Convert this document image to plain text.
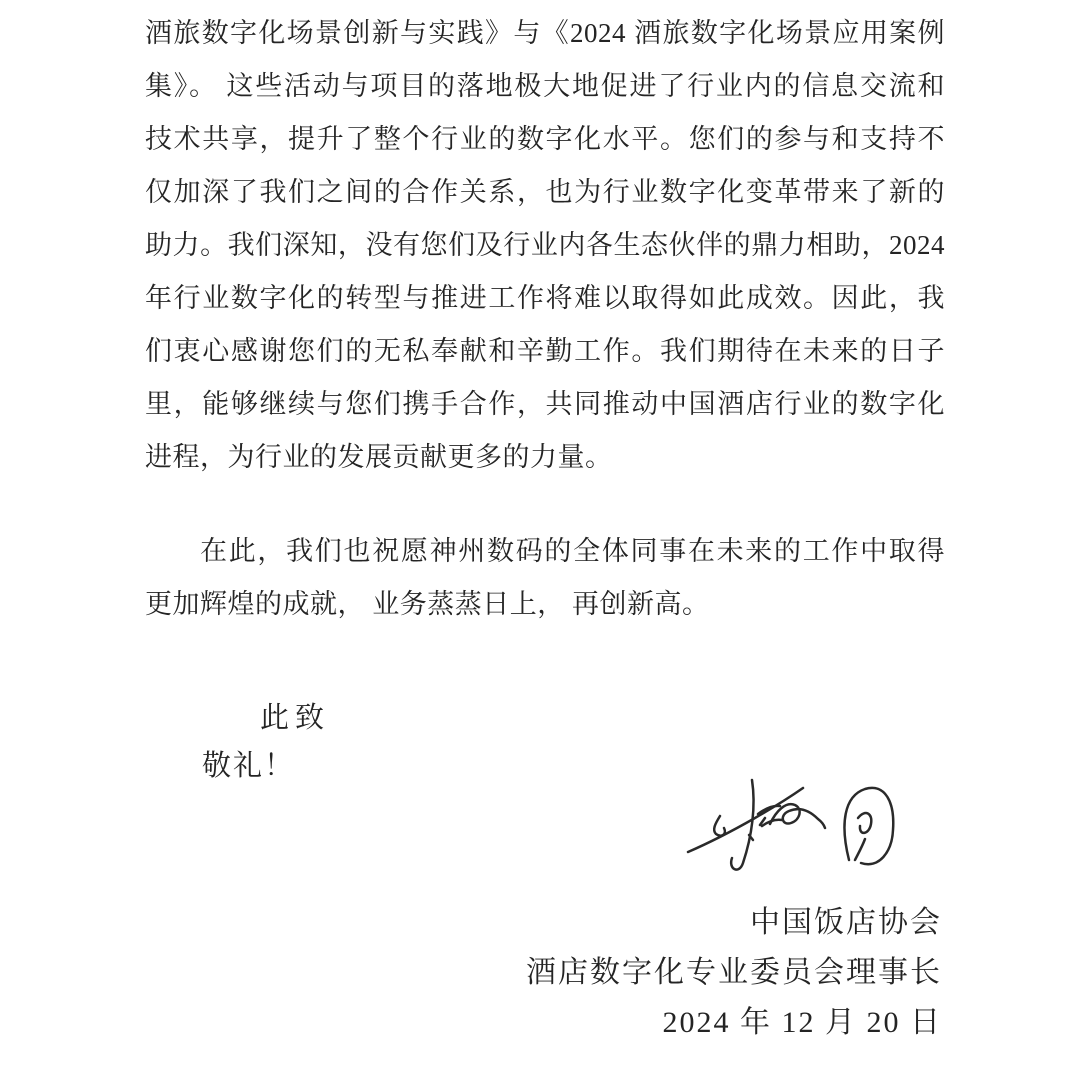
酒旅数字化场景创新与实践》与《2024 酒旅数字化场景应用案例
集》。 这些活动与项目的落地极大地促进了行业内的信息交流和
技术共享，提升了整个行业的数字化水平。您们的参与和支持不
仅加深了我们之间的合作关系，也为行业数字化变革带来了新的
助力。我们深知，没有您们及行业内各生态伙伴的鼎力相助，2024
年行业数字化的转型与推进工作将难以取得如此成效。因此，我
们衷心感谢您们的无私奉献和辛勤工作。我们期待在未来的日子
里，能够继续与您们携手合作，共同推动中国酒店行业的数字化
进程，为行业的发展贡献更多的力量。
在此，我们也祝愿神州数码的全体同事在未来的工作中取得
更加辉煌的成就， 业务蒸蒸日上， 再创新高。
此致
敬礼！
中国饭店协会
酒店数字化专业委员会理事长
2024 年 12 月 20 日
